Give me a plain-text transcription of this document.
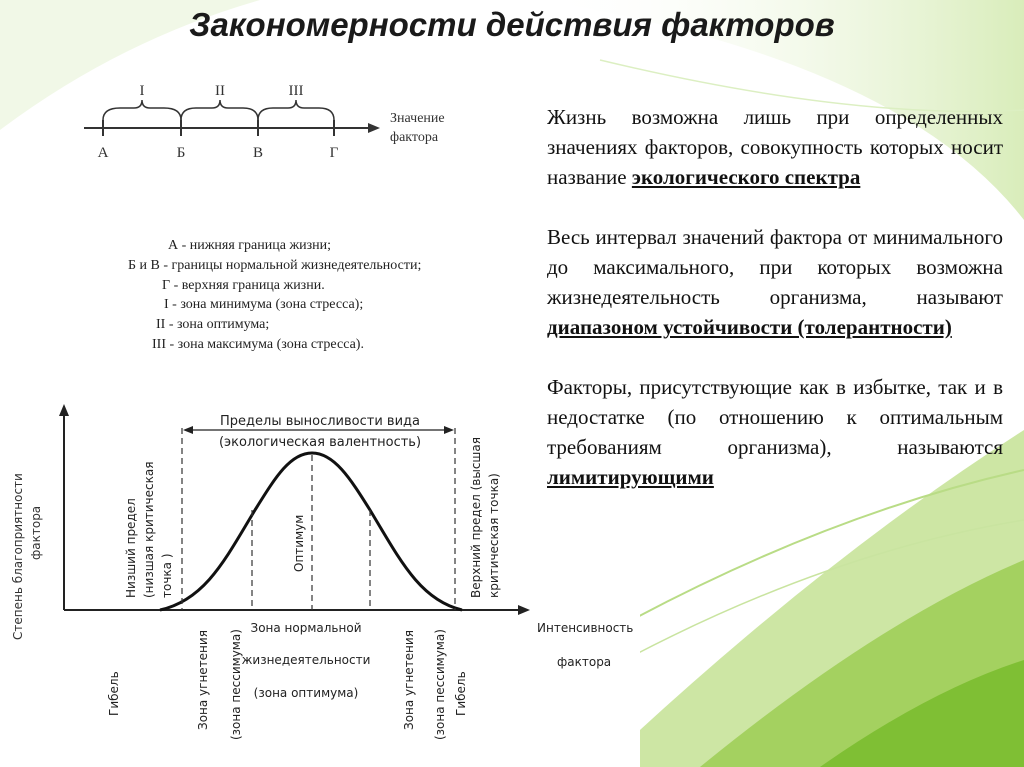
Закономерности действия факторов
I	II	III
А	Б	В	Г
Значение
фактора
А - нижняя граница жизни;
Б и В - границы нормальной жизнедеятельности;
Г - верхняя граница жизни.
I - зона минимума (зона стресса);
II - зона оптимума;
III - зона максимума (зона стресса).
Пределы выносливости вида
(экологическая валентность)
Степень благоприятности фактора
Интенсивность
фактора
Низший предел (низшая критическая точка )	Верхний предел (высшая критическая точка)
Оптимум
Зона нормальной
жизнедеятельности
(зона оптимума)
Гибель	Зона угнетения (зона пессимума)	Зона угнетения (зона пессимума) Гибель

Жизнь возможна лишь при определенных значениях факторов, совокупность которых носит название экологического спектра

Весь интервал значений фактора от минимального до максимального, при которых возможна жизнедеятельность организма, называют диапазоном устойчивости (толерантности)

Факторы, присутствующие как в избытке, так и в недостатке (по отношению к оптимальным требованиям организма), называются лимитирующими
